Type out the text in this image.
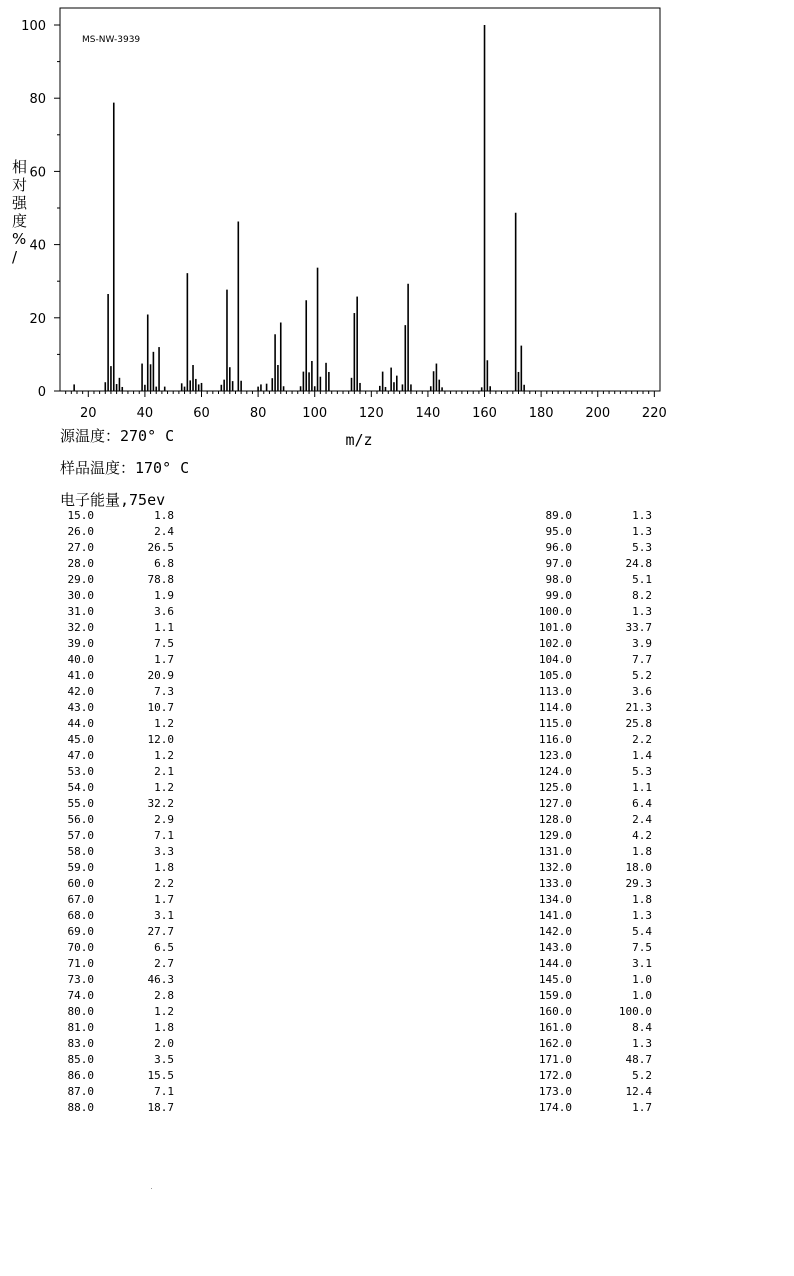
20	40	60	80	100 120 140 160 180 200 220
0
20
40
60
80
100
MS-NW-3939
m/z
相对强度% /
源温度：270° C
样品温度：170° C
电子能量,75ev
15.0	1.8
26.0	2.4
27.0	26.5
28.0	6.8
29.0	78.8
30.0	1.9
31.0	3.6
32.0	1.1
39.0	7.5
40.0	1.7
41.0	20.9
42.0	7.3
43.0	10.7
44.0	1.2
45.0	12.0
47.0	1.2
53.0	2.1
54.0	1.2
55.0	32.2
56.0	2.9
57.0	7.1
58.0	3.3
59.0	1.8
60.0	2.2
67.0	1.7
68.0	3.1
69.0	27.7
70.0	6.5
71.0	2.7
73.0	46.3
74.0	2.8
80.0	1.2
81.0	1.8
83.0	2.0
85.0	3.5
86.0	15.5
87.0	7.1
88.0	18.7
89.0	1.3
95.0	1.3
96.0	5.3
97.0	24.8
98.0	5.1
99.0	8.2
100.0	1.3
101.0	33.7
102.0	3.9
104.0	7.7
105.0	5.2
113.0	3.6
114.0	21.3
115.0	25.8
116.0	2.2
123.0	1.4
124.0	5.3
125.0	1.1
127.0	6.4
128.0	2.4
129.0	4.2
131.0	1.8
132.0	18.0
133.0	29.3
134.0	1.8
141.0	1.3
142.0	5.4
143.0	7.5
144.0	3.1
145.0	1.0
159.0	1.0
160.0	100.0
161.0	8.4
162.0	1.3
171.0	48.7
172.0	5.2
173.0	12.4
174.0	1.7
